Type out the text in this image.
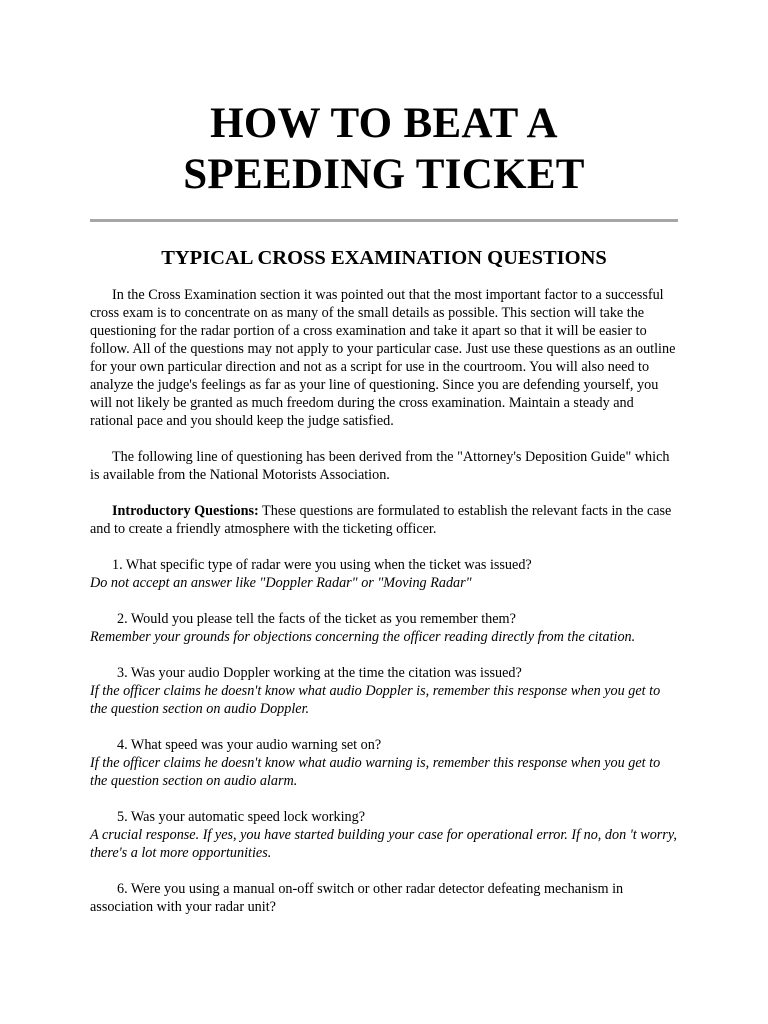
HOW TO BEAT A
SPEEDING TICKET
TYPICAL CROSS EXAMINATION QUESTIONS

In the Cross Examination section it was pointed out that the most important factor to a successful cross exam is to concentrate on as many of the small details as possible. This section will take the questioning for the radar portion of a cross examination and take it apart so that it will be easier to follow. All of the questions may not apply to your particular case. Just use these questions as an outline for your own particular direction and not as a script for use in the courtroom. You will also need to analyze the judge's feelings as far as your line of questioning. Since you are defending yourself, you will not likely be granted as much freedom during the cross examination. Maintain a steady and rational pace and you should keep the judge satisfied.

The following line of questioning has been derived from the "Attorney's Deposition Guide" which is available from the National Motorists Association.

Introductory Questions: These questions are formulated to establish the relevant facts in the case and to create a friendly atmosphere with the ticketing officer.

1. What specific type of radar were you using when the ticket was issued?
Do not accept an answer like "Doppler Radar" or "Moving Radar"
2. Would you please tell the facts of the ticket as you remember them?
Remember your grounds for objections concerning the officer reading directly from the citation.
3. Was your audio Doppler working at the time the citation was issued?
If the officer claims he doesn't know what audio Doppler is, remember this response when you get to the question section on audio Doppler.
4. What speed was your audio warning set on?
If the officer claims he doesn't know what audio warning is, remember this response when you get to the question section on audio alarm.
5. Was your automatic speed lock working?
A crucial response. If yes, you have started building your case for operational error. If no, don 't worry, there's a lot more opportunities.
6. Were you using a manual on-off switch or other radar detector defeating mechanism in association with your radar unit?
